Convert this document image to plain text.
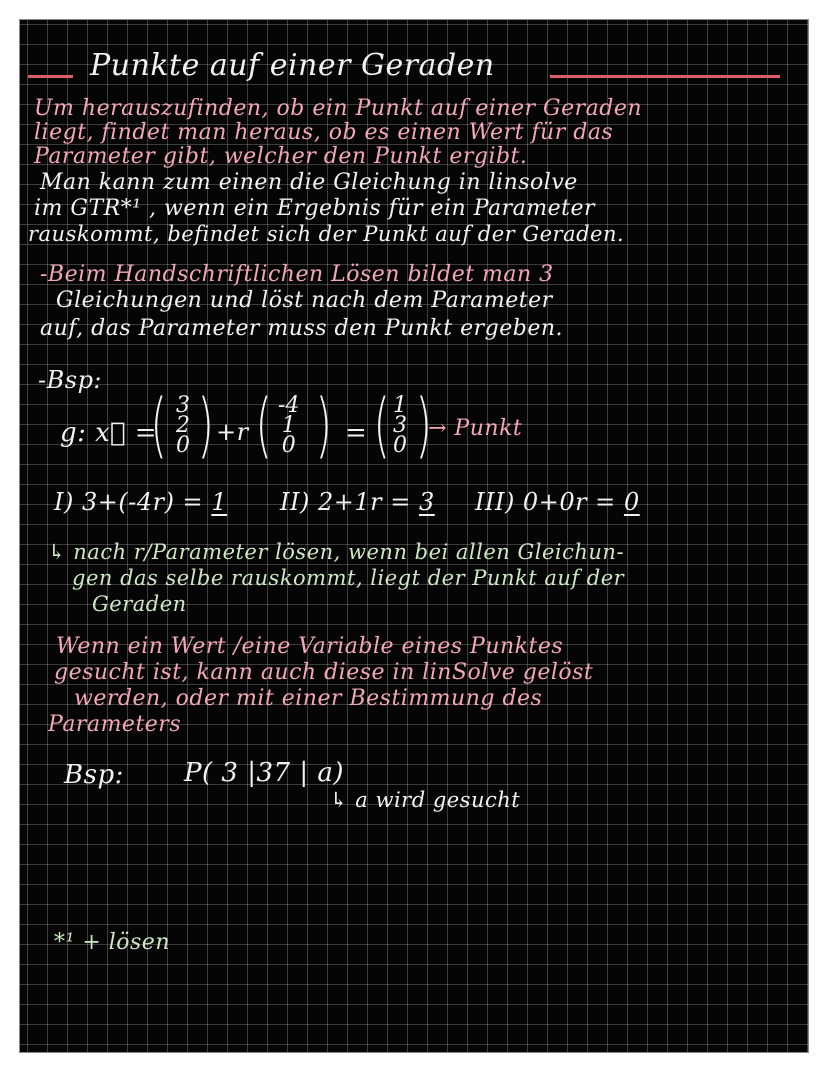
Punkte auf einer Geraden
Um herauszufinden, ob ein Punkt auf einer Geraden
liegt, findet man heraus, ob es einen Wert für das
Parameter gibt, welcher den Punkt ergibt.
Man kann zum einen die Gleichung in linsolve
im GTR*¹ , wenn ein Ergebnis für ein Parameter
rauskommt, befindet sich der Punkt auf der Geraden.
-Beim Handschriftlichen Lösen bildet man 3
Gleichungen und löst nach dem Parameter
auf, das Parameter muss den Punkt ergeben.
-Bsp:
g: x⃗ =
( 3
2
0 ) +r ( -4
1
0 ) = ( 1
3
0 )
→ Punkt
I) 3+(-4r) = 1 II) 2+1r = 3 III) 0+0r = 0
↳ nach r/Parameter lösen, wenn bei allen Gleichun-
gen das selbe rauskommt, liegt der Punkt auf der
Geraden
Wenn ein Wert /eine Variable eines Punktes
gesucht ist, kann auch diese in linSolve gelöst
werden, oder mit einer Bestimmung des
Parameters
Bsp: P( 3 |37 | a)
↳ a wird gesucht
*¹ + lösen
